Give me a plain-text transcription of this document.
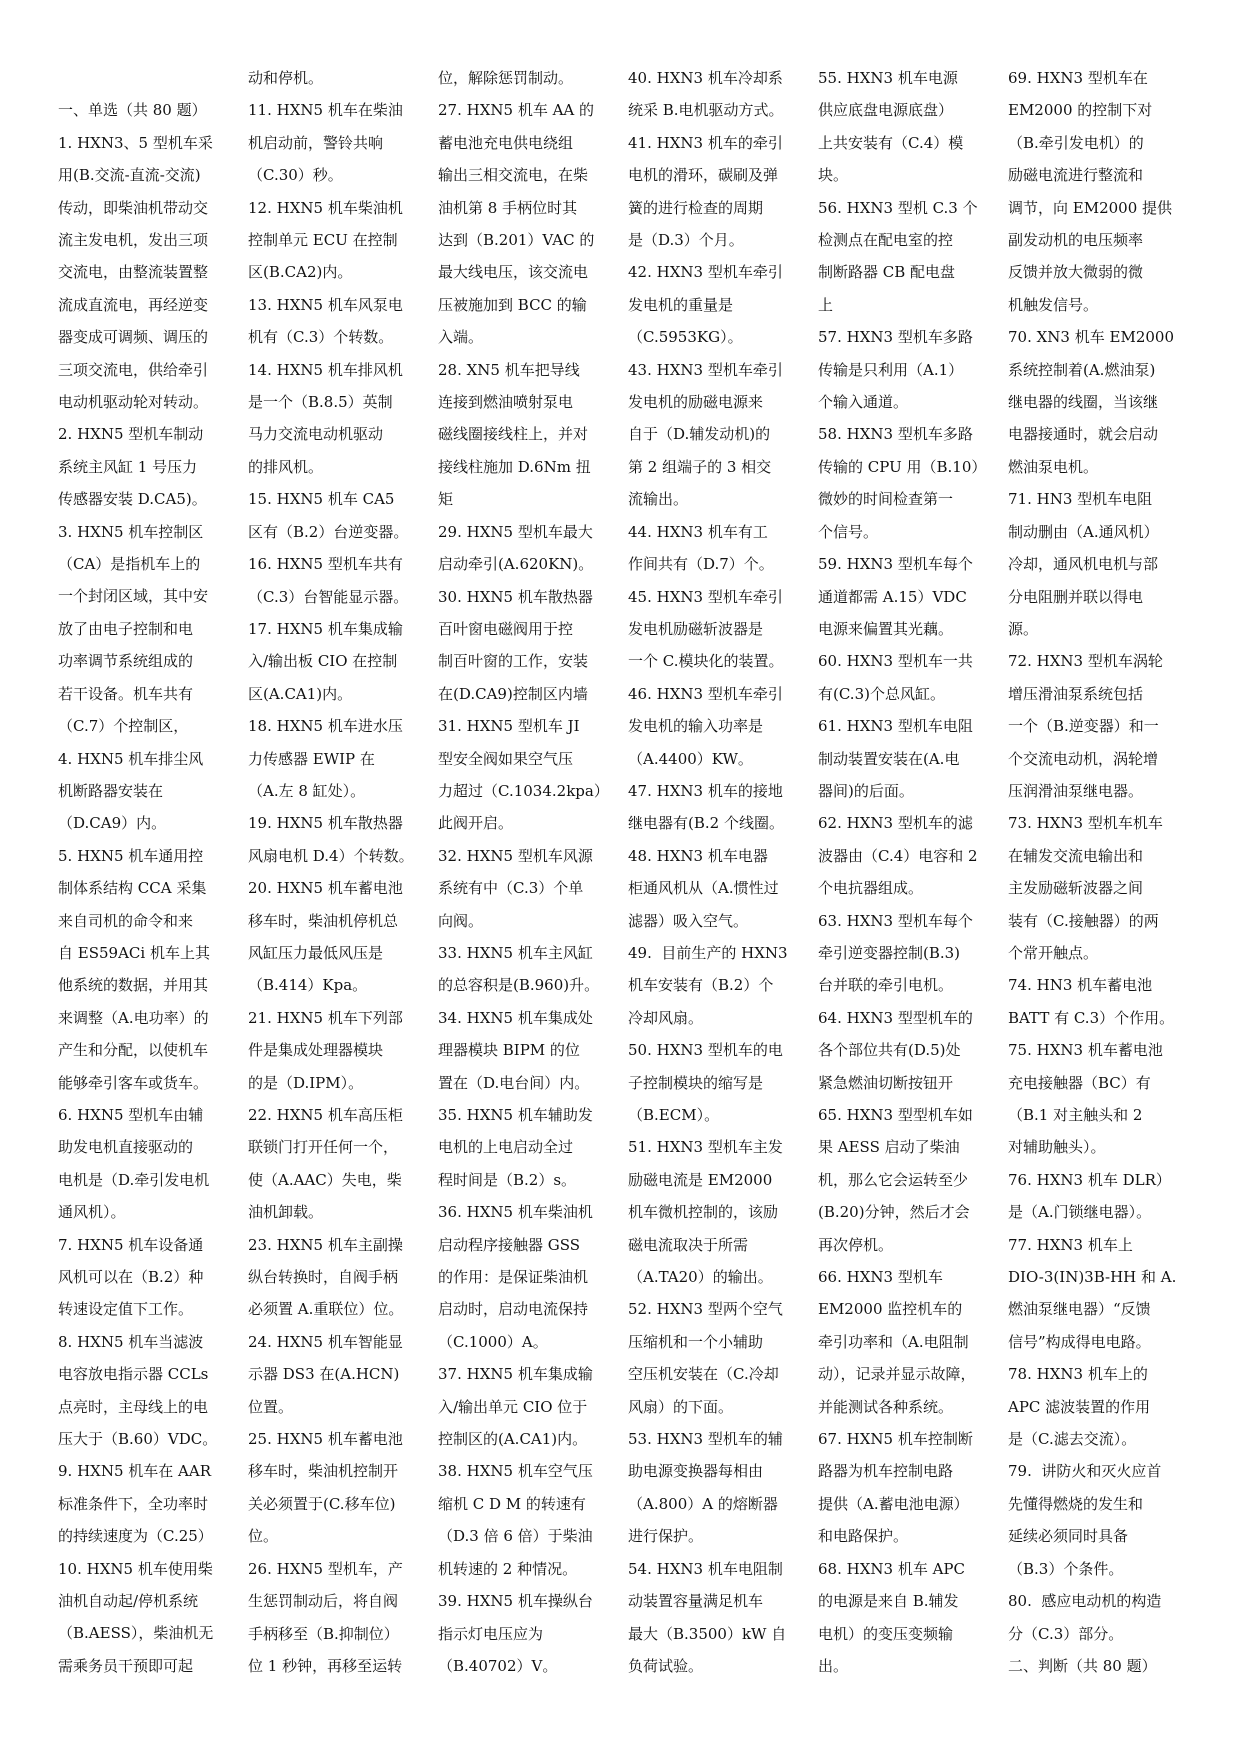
一、单选（共 80 题）

1. HXN3、5 型机车采

用(B.交流-直流-交流)

传动，即柴油机带动交

流主发电机，发出三项

交流电，由整流装置整

流成直流电，再经逆变

器变成可调频、调压的

三项交流电，供给牵引

电动机驱动轮对转动。

2. HXN5 型机车制动

系统主风缸 1 号压力

传感器安装 D.CA5)。

3. HXN5 机车控制区

（CA）是指机车上的

一个封闭区域，其中安

放了由电子控制和电

功率调节系统组成的

若干设备。机车共有

（C.7）个控制区，

4. HXN5 机车排尘风

机断路器安装在

（D.CA9）内。

5. HXN5 机车通用控

制体系结构 CCA 采集

来自司机的命令和来

自 ES59ACi 机车上其

他系统的数据，并用其

来调整（A.电功率）的

产生和分配，以使机车

能够牵引客车或货车。

6. HXN5 型机车由辅

助发电机直接驱动的

电机是（D.牵引发电机

通风机）。

7. HXN5 机车设备通

风机可以在（B.2）种

转速设定值下工作。

8. HXN5 机车当滤波

电容放电指示器 CCLs

点亮时，主母线上的电

压大于（B.60）VDC。

9. HXN5 机车在 AAR

标准条件下，全功率时

的持续速度为（C.25）

10. HXN5 机车使用柴

油机自动起/停机系统

（B.AESS），柴油机无

需乘务员干预即可起

动和停机。

11. HXN5 机车在柴油

机启动前，警铃共响

（C.30）秒。

12. HXN5 机车柴油机

控制单元 ECU 在控制

区(B.CA2)内。

13. HXN5 机车风泵电

机有（C.3）个转数。

14. HXN5 机车排风机

是一个（B.8.5）英制

马力交流电动机驱动

的排风机。

15. HXN5 机车 CA5

区有（B.2）台逆变器。

16. HXN5 型机车共有

（C.3）台智能显示器。

17. HXN5 机车集成输

入/输出板 CIO 在控制

区(A.CA1)内。

18. HXN5 机车进水压

力传感器 EWIP 在

（A.左 8 缸处）。

19. HXN5 机车散热器

风扇电机 D.4）个转数。

20. HXN5 机车蓄电池

移车时，柴油机停机总

风缸压力最低风压是

（B.414）Kpa。

21. HXN5 机车下列部

件是集成处理器模块

的是（D.IPM）。

22. HXN5 机车高压柜

联锁门打开任何一个，

使（A.AAC）失电，柴

油机卸载。

23. HXN5 机车主副操

纵台转换时，自阀手柄

必须置 A.重联位）位。

24. HXN5 机车智能显

示器 DS3 在(A.HCN)

位置。

25. HXN5 机车蓄电池

移车时，柴油机控制开

关必须置于(C.移车位)

位。

26. HXN5 型机车，产

生惩罚制动后，将自阀

手柄移至（B.抑制位）

位 1 秒钟，再移至运转

位，解除惩罚制动。

27. HXN5 机车 AA 的

蓄电池充电供电绕组

输出三相交流电，在柴

油机第 8 手柄位时其

达到（B.201）VAC 的

最大线电压，该交流电

压被施加到 BCC 的输

入端。

28. XN5 机车把导线

连接到燃油喷射泵电

磁线圈接线柱上，并对

接线柱施加 D.6Nm 扭

矩

29. HXN5 型机车最大

启动牵引(A.620KN)。

30. HXN5 机车散热器

百叶窗电磁阀用于控

制百叶窗的工作，安装

在(D.CA9)控制区内墙

31. HXN5 型机车 JI

型安全阀如果空气压

力超过（C.1034.2kpa）

此阀开启。

32. HXN5 型机车风源

系统有中（C.3）个单

向阀。

33. HXN5 机车主风缸

的总容积是(B.960)升。

34. HXN5 机车集成处

理器模块 BIPM 的位

置在（D.电台间）内。

35. HXN5 机车辅助发

电机的上电启动全过

程时间是（B.2）s。

36. HXN5 机车柴油机

启动程序接触器 GSS

的作用：是保证柴油机

启动时，启动电流保持

（C.1000）A。

37. HXN5 机车集成输

入/输出单元 CIO 位于

控制区的(A.CA1)内。

38. HXN5 机车空气压

缩机 C D M 的转速有

（D.3 倍 6 倍）于柴油

机转速的 2 种情况。

39. HXN5 机车操纵台

指示灯电压应为

（B.40702）V。

40. HXN3 机车冷却系

统采 B.电机驱动方式。

41. HXN3 机车的牵引

电机的滑环，碳刷及弹

簧的进行检查的周期

是（D.3）个月。

42. HXN3 型机车牵引

发电机的重量是

（C.5953KG）。

43. HXN3 型机车牵引

发电机的励磁电源来

自于（D.辅发动机)的

第 2 组端子的 3 相交

流输出。

44. HXN3 机车有工

作间共有（D.7）个。

45. HXN3 型机车牵引

发电机励磁斩波器是

一个 C.模块化的装置。

46. HXN3 型机车牵引

发电机的输入功率是

（A.4400）KW。

47. HXN3 机车的接地

继电器有(B.2 个线圈。

48. HXN3 机车电器

柜通风机从（A.惯性过

滤器）吸入空气。

49.  目前生产的 HXN3

机车安装有（B.2）个

冷却风扇。

50. HXN3 型机车的电

子控制模块的缩写是

（B.ECM）。

51. HXN3 型机车主发

励磁电流是 EM2000

机车微机控制的，该励

磁电流取决于所需

（A.TA20）的输出。

52. HXN3 型两个空气

压缩机和一个小辅助

空压机安装在（C.冷却

风扇）的下面。

53. HXN3 型机车的辅

助电源变换器每相由

（A.800）A 的熔断器

进行保护。

54. HXN3 机车电阻制

动装置容量满足机车

最大（B.3500）kW 自

负荷试验。

55. HXN3 机车电源

供应底盘电源底盘）

上共安装有（C.4）模

块。

56. HXN3 型机 C.3 个

检测点在配电室的控

制断路器 CB 配电盘

上

57. HXN3 型机车多路

传输是只利用（A.1）

个输入通道。

58. HXN3 型机车多路

传输的 CPU 用（B.10）

微妙的时间检查第一

个信号。

59. HXN3 型机车每个

通道都需 A.15）VDC

电源来偏置其光藕。

60. HXN3 型机车一共

有(C.3)个总风缸。

61. HXN3 型机车电阻

制动装置安装在(A.电

器间)的后面。

62. HXN3 型机车的滤

波器由（C.4）电容和 2

个电抗器组成。

63. HXN3 型机车每个

牵引逆变器控制(B.3)

台并联的牵引电机。

64. HXN3 型型机车的

各个部位共有(D.5)处

紧急燃油切断按钮开

65. HXN3 型型机车如

果 AESS 启动了柴油

机，那么它会运转至少

(B.20)分钟，然后才会

再次停机。

66. HXN3 型机车

EM2000 监控机车的

牵引功率和（A.电阻制

动），记录并显示故障，

并能测试各种系统。

67. HXN5 机车控制断

路器为机车控制电路

提供（A.蓄电池电源）

和电路保护。

68. HXN3 机车 APC

的电源是来自 B.辅发

电机）的变压变频输

出。

69. HXN3 型机车在

EM2000 的控制下对

（B.牵引发电机）的

励磁电流进行整流和

调节，向 EM2000 提供

副发动机的电压频率

反馈并放大微弱的微

机触发信号。

70. XN3 机车 EM2000

系统控制着(A.燃油泵)

继电器的线圈，当该继

电器接通时，就会启动

燃油泵电机。

71. HN3 型机车电阻

制动删由（A.通风机）

冷却，通风机电机与部

分电阻删并联以得电

源。

72. HXN3 型机车涡轮

增压滑油泵系统包括

一个（B.逆变器）和一

个交流电动机，涡轮增

压润滑油泵继电器。

73. HXN3 型机车机车

在辅发交流电输出和

主发励磁斩波器之间

装有（C.接触器）的两

个常开触点。

74. HN3 机车蓄电池

BATT 有 C.3）个作用。

75. HXN3 机车蓄电池

充电接触器（BC）有

（B.1 对主触头和 2

对辅助触头）。

76. HXN3 机车 DLR）

是（A.门锁继电器）。

77. HXN3 机车上

DIO-3(IN)3B-HH 和 A.

燃油泵继电器）“反馈

信号”构成得电电路。

78. HXN3 机车上的

APC 滤波装置的作用

是（C.滤去交流）。

79.  讲防火和灭火应首

先懂得燃烧的发生和

延续必须同时具备

（B.3）个条件。

80.  感应电动机的构造

分（C.3）部分。

二、判断（共 80 题）
